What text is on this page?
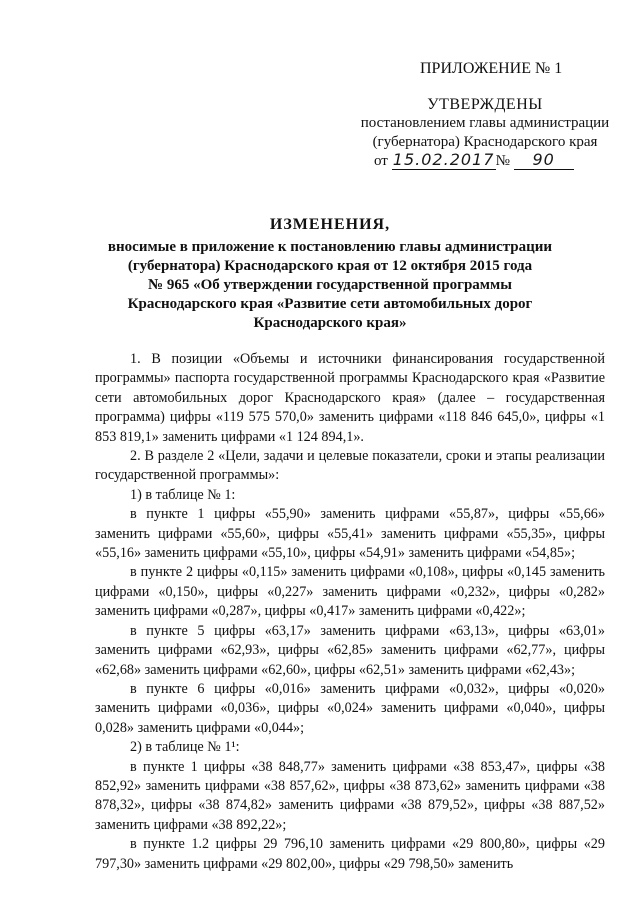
ПРИЛОЖЕНИЕ № 1
УТВЕРЖДЕНЫ
постановлением главы администрации
(губернатора) Краснодарского края
от 15.02.2017№ 90
ИЗМЕНЕНИЯ,
вносимые в приложение к постановлению главы администрации
(губернатора) Краснодарского края от 12 октября 2015 года
№ 965 «Об утверждении государственной программы
Краснодарского края «Развитие сети автомобильных дорог
Краснодарского края»

1. В позиции «Объемы и источники финансирования государственной программы» паспорта государственной программы Краснодарского края «Развитие сети автомобильных дорог Краснодарского края» (далее – государственная программа) цифры «119 575 570,0» заменить цифрами «118 846 645,0», цифры «1 853 819,1» заменить цифрами «1 124 894,1».

2. В разделе 2 «Цели, задачи и целевые показатели, сроки и этапы реализации государственной программы»:

1) в таблице № 1:

в пункте 1 цифры «55,90» заменить цифрами «55,87», цифры «55,66» заменить цифрами «55,60», цифры «55,41» заменить цифрами «55,35», цифры «55,16» заменить цифрами «55,10», цифры «54,91» заменить цифрами «54,85»;

в пункте 2 цифры «0,115» заменить цифрами «0,108», цифры «0,145 заменить цифрами «0,150», цифры «0,227» заменить цифрами «0,232», цифры «0,282» заменить цифрами «0,287», цифры «0,417» заменить цифрами «0,422»;

в пункте 5 цифры «63,17» заменить цифрами «63,13», цифры «63,01» заменить цифрами «62,93», цифры «62,85» заменить цифрами «62,77», цифры «62,68» заменить цифрами «62,60», цифры «62,51» заменить цифрами «62,43»;

в пункте 6 цифры «0,016» заменить цифрами «0,032», цифры «0,020» заменить цифрами «0,036», цифры «0,024» заменить цифрами «0,040», цифры 0,028» заменить цифрами «0,044»;

2) в таблице № 1¹:

в пункте 1 цифры «38 848,77» заменить цифрами «38 853,47», цифры «38 852,92» заменить цифрами «38 857,62», цифры «38 873,62» заменить цифрами «38 878,32», цифры «38 874,82» заменить цифрами «38 879,52», цифры «38 887,52» заменить цифрами «38 892,22»;

в пункте 1.2 цифры 29 796,10 заменить цифрами «29 800,80», цифры «29 797,30» заменить цифрами «29 802,00», цифры «29 798,50» заменить
